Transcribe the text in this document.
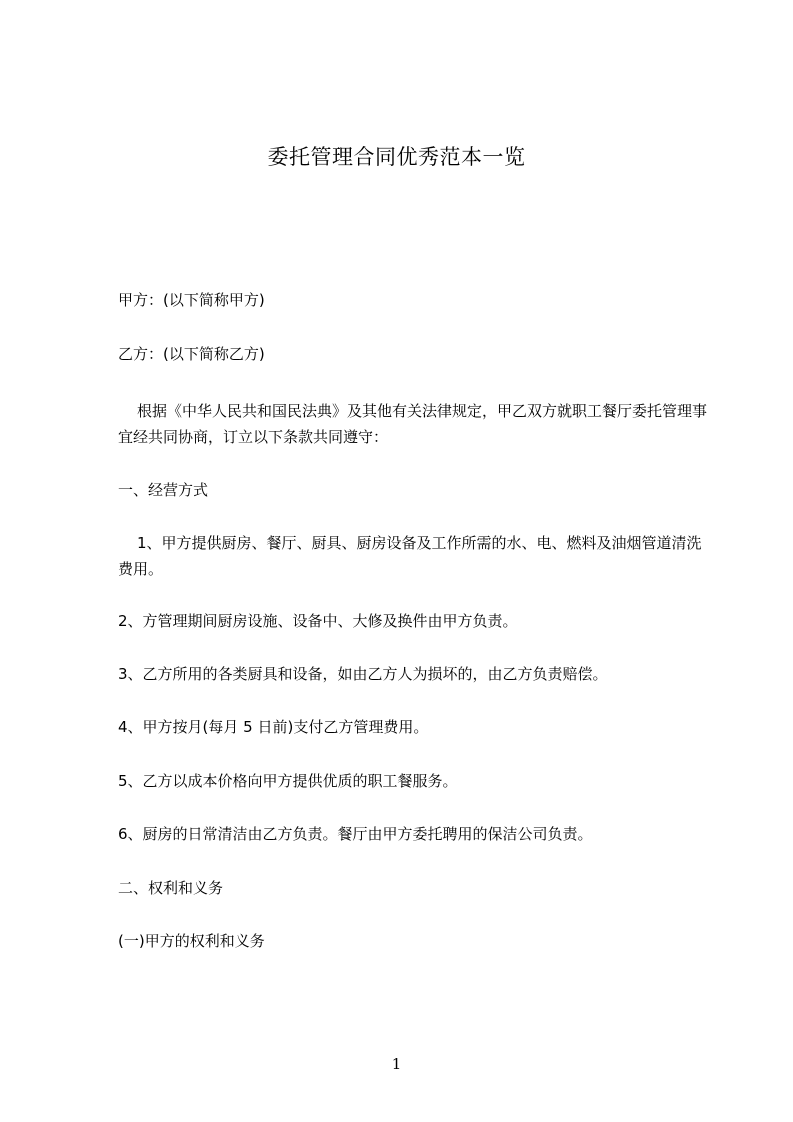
委托管理合同优秀范本一览

甲方：(以下简称甲方)

乙方：(以下简称乙方)

根据《中华人民共和国民法典》及其他有关法律规定，甲乙双方就职工餐厅委托管理事宜经共同协商，订立以下条款共同遵守：

一、经营方式

1、甲方提供厨房、餐厅、厨具、厨房设备及工作所需的水、电、燃料及油烟管道清洗费用。

2、方管理期间厨房设施、设备中、大修及换件由甲方负责。

3、乙方所用的各类厨具和设备，如由乙方人为损坏的，由乙方负责赔偿。

4、甲方按月(每月 5 日前)支付乙方管理费用。

5、乙方以成本价格向甲方提供优质的职工餐服务。

6、厨房的日常清洁由乙方负责。餐厅由甲方委托聘用的保洁公司负责。

二、权利和义务

(一)甲方的权利和义务

1
